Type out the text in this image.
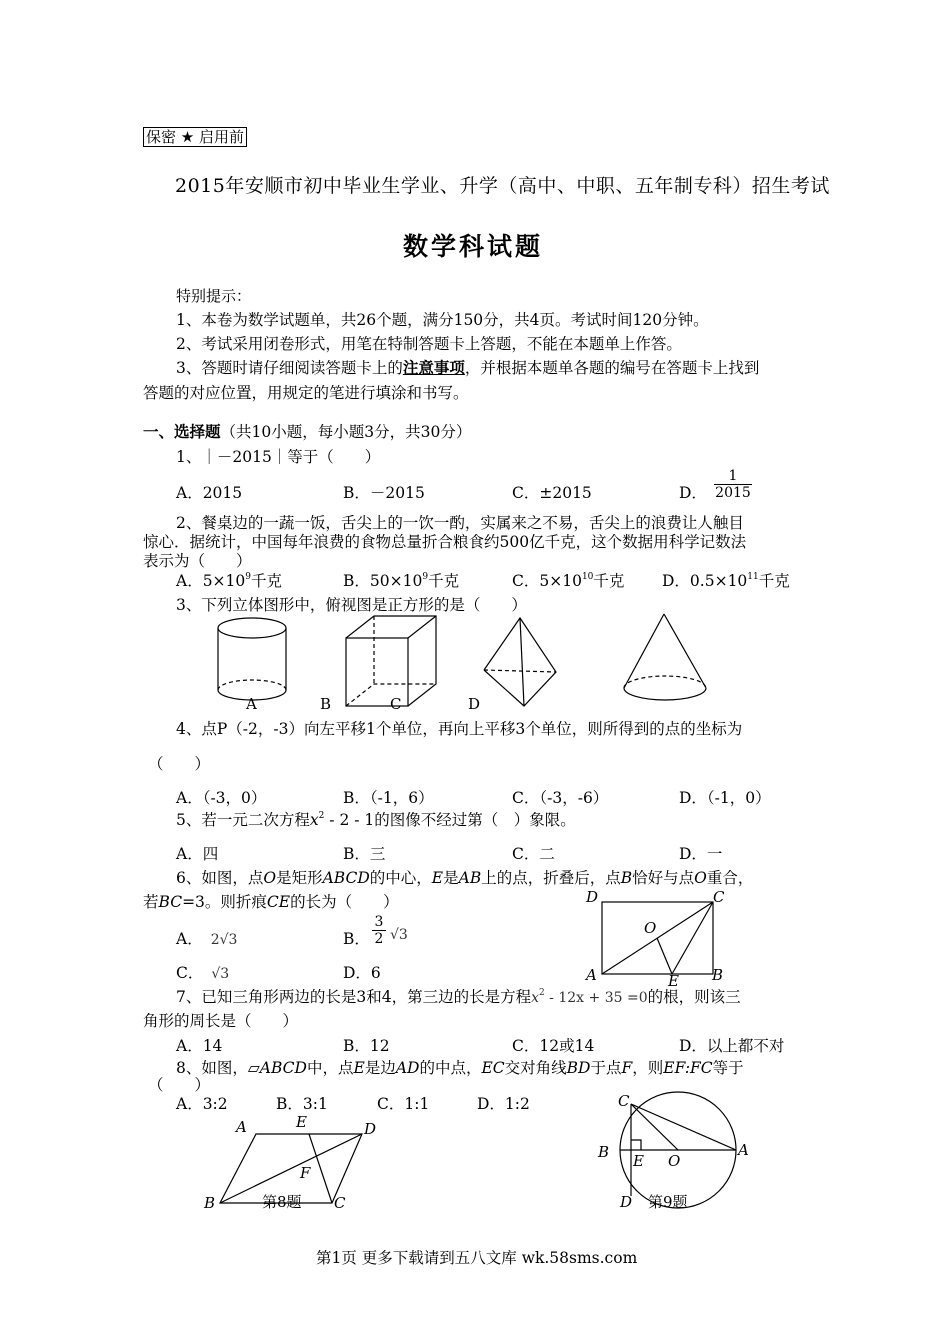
保密 ★ 启用前
2015年安顺市初中毕业生学业、升学（高中、中职、五年制专科）招生考试
数学科试题
特别提示：
1、本卷为数学试题单，共26个题，满分150分，共4页。考试时间120分钟。
2、考试采用闭卷形式，用笔在特制答题卡上答题，不能在本题单上作答。
3、答题时请仔细阅读答题卡上的注意事项，并根据本题单各题的编号在答题卡上找到
答题的对应位置，用规定的笔进行填涂和书写。
一、选择题（共10小题，每小题3分，共30分）
1、｜－2015｜等于（　　）
A．2015	B．－2015	C．±2015	D． $\frac{1}{2015}$
2、餐桌边的一蔬一饭，舌尖上的一饮一酌，实属来之不易，舌尖上的浪费让人触目
惊心．据统计，中国每年浪费的食物总量折合粮食约500亿千克，这个数据用科学记数法
表示为（　　）
A．$5\times 10^9$千克	B．$50\times 10^9$千克	C．$5\times 10^{10}$千克 D．$0.5\times 10^{11}$千克
3、下列立体图形中，俯视图是正方形的是（　　）
A	B	C	D
4、点P（-2，-3）向左平移1个单位，再向上平移3个单位，则所得到的点的坐标为
（　　）
A．（-3，0）	B．（-1，6）	C．（-3，-6）	D．（-1，0）
5、若一元二次方程$x^2 - 2 - 1$的图像不经过第（　）象限。
A．四	B．三	C．二	D．一
6、如图，点O是矩形ABCD的中心，E是AB上的点，折叠后，点B恰好与点O重合，
若BC=3。则折痕CE的长为（　　）
A． 2√3	B． $\frac{3}{2} √3$
C． √3	D．6
D	C
O
A	E B
7、已知三角形两边的长是3和4，第三边的长是方程$x^2 - 12x + 35 =0$的根，则该三
角形的周长是（　　）
A．14	B．12	C．12或14	D．以上都不对
8、如图，▱ABCD中，点E是边AD的中点，EC交对角线BD于点F，则EF:FC等于
（　　）
A．3:2	B．3:1	C．1:1	D．1:2
A	E	D
F
B	C
第8题
C
B E O
A
D 第9题
第1页 更多下载请到五八文库 wk.58sms.com
